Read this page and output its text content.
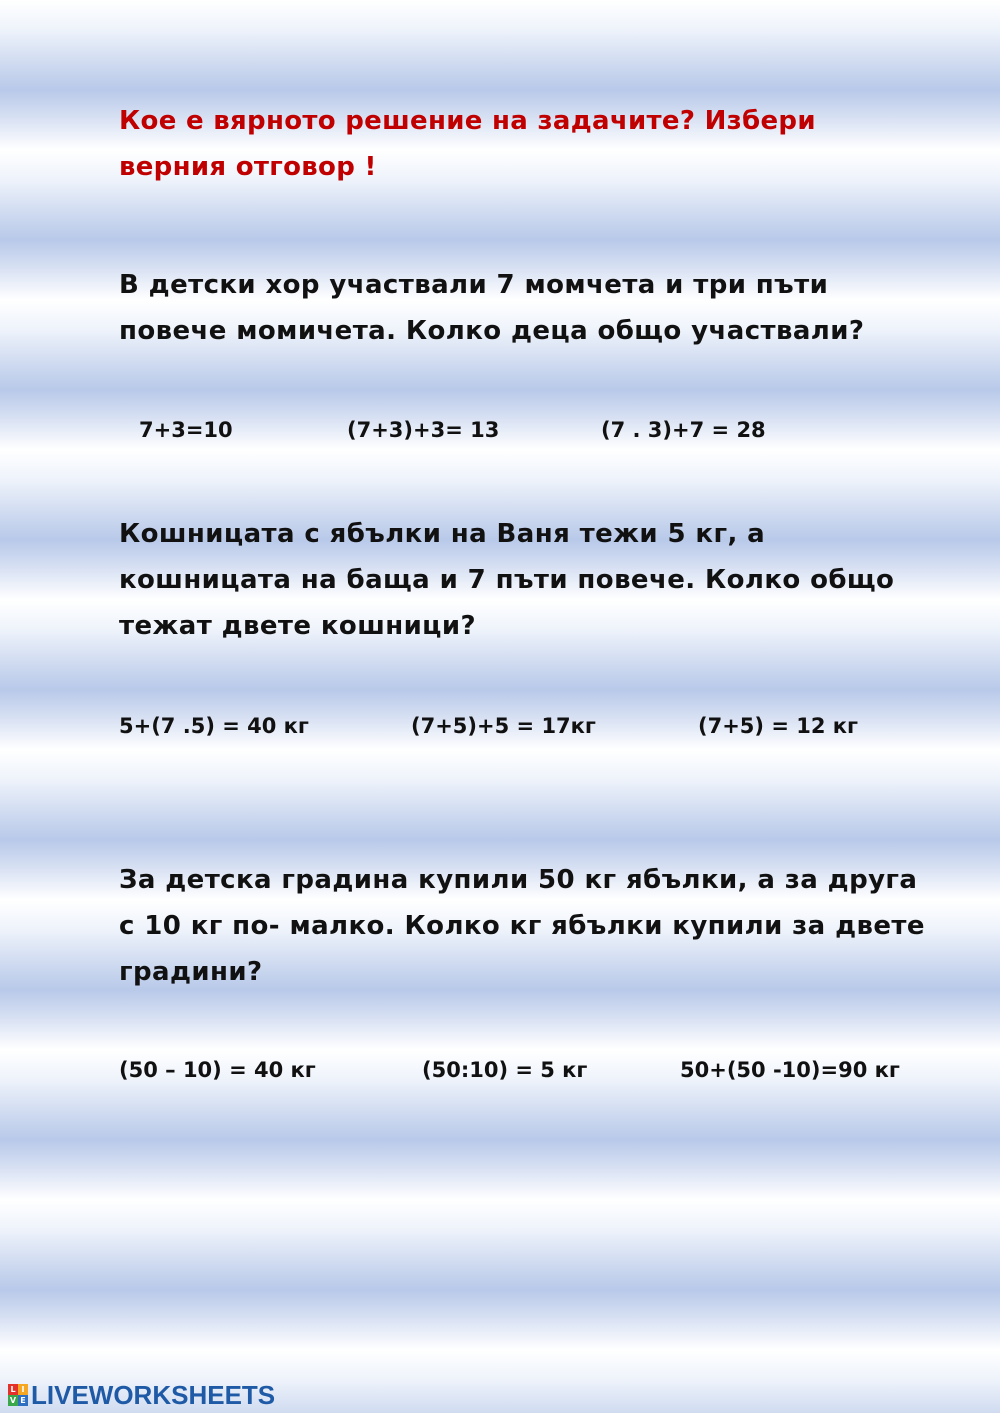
Кое е вярното решение на задачите? Избери верния отговор !
В детски хор участвали 7 момчета и три пъти повече момичета. Колко деца общо участвали?
7+3=10	(7+3)+3= 13	(7 . 3)+7 = 28
Кошницата с ябълки на Ваня тежи 5 кг, а кошницата на баща и 7 пъти повече. Колко общо тежат двете кошници?
5+(7 .5) = 40 кг	(7+5)+5 = 17кг	(7+5) = 12 кг
За детска градина купили 50 кг ябълки, а за друга с 10 кг по- малко. Колко кг ябълки купили за двете градини?
(50 – 10) = 40 кг	(50:10) = 5 кг	50+(50 -10)=90 кг
L I
V E LIVEWORKSHEETS
